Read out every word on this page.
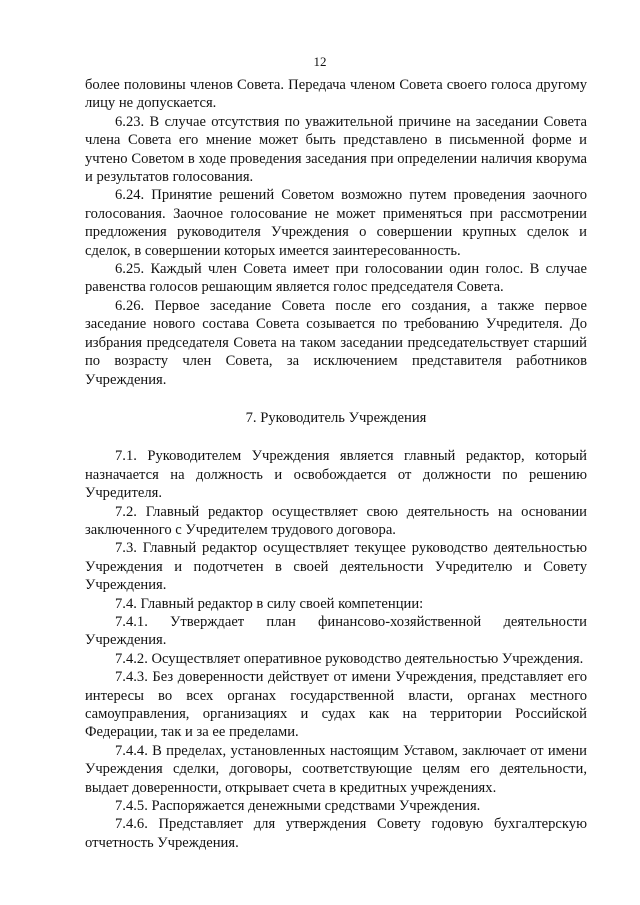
12

более половины членов Совета. Передача членом Совета своего голоса другому лицу не допускается.

6.23. В случае отсутствия по уважительной причине на заседании Совета члена Совета его мнение может быть представлено в письменной форме и учтено Советом в ходе проведения заседания при определении наличия кворума и результатов голосования.

6.24. Принятие решений Советом возможно путем проведения заочного голосования. Заочное голосование не может применяться при рассмотрении предложения руководителя Учреждения о совершении крупных сделок и сделок, в совершении которых имеется заинтересованность.

6.25. Каждый член Совета имеет при голосовании один голос. В случае равенства голосов решающим является голос председателя Совета.

6.26. Первое заседание Совета после его создания, а также первое заседание нового состава Совета созывается по требованию Учредителя. До избрания председателя Совета на таком заседании председательствует старший по возрасту член Совета, за исключением представителя работников Учреждения.

7. Руководитель Учреждения

7.1. Руководителем Учреждения является главный редактор, который назначается на должность и освобождается от должности по решению Учредителя.

7.2. Главный редактор осуществляет свою деятельность на основании заключенного с Учредителем трудового договора.

7.3. Главный редактор осуществляет текущее руководство деятельностью Учреждения и подотчетен в своей деятельности Учредителю и Совету Учреждения.

7.4. Главный редактор в силу своей компетенции:

7.4.1. Утверждает план финансово-хозяйственной деятельности Учреждения.

7.4.2. Осуществляет оперативное руководство деятельностью Учреждения.

7.4.3. Без доверенности действует от имени Учреждения, представляет его интересы во всех органах государственной власти, органах местного самоуправления, организациях и судах как на территории Российской Федерации, так и за ее пределами.

7.4.4. В пределах, установленных настоящим Уставом, заключает от имени Учреждения сделки, договоры, соответствующие целям его деятельности, выдает доверенности, открывает счета в кредитных учреждениях.

7.4.5. Распоряжается денежными средствами Учреждения.

7.4.6. Представляет для утверждения Совету годовую бухгалтерскую отчетность Учреждения.
